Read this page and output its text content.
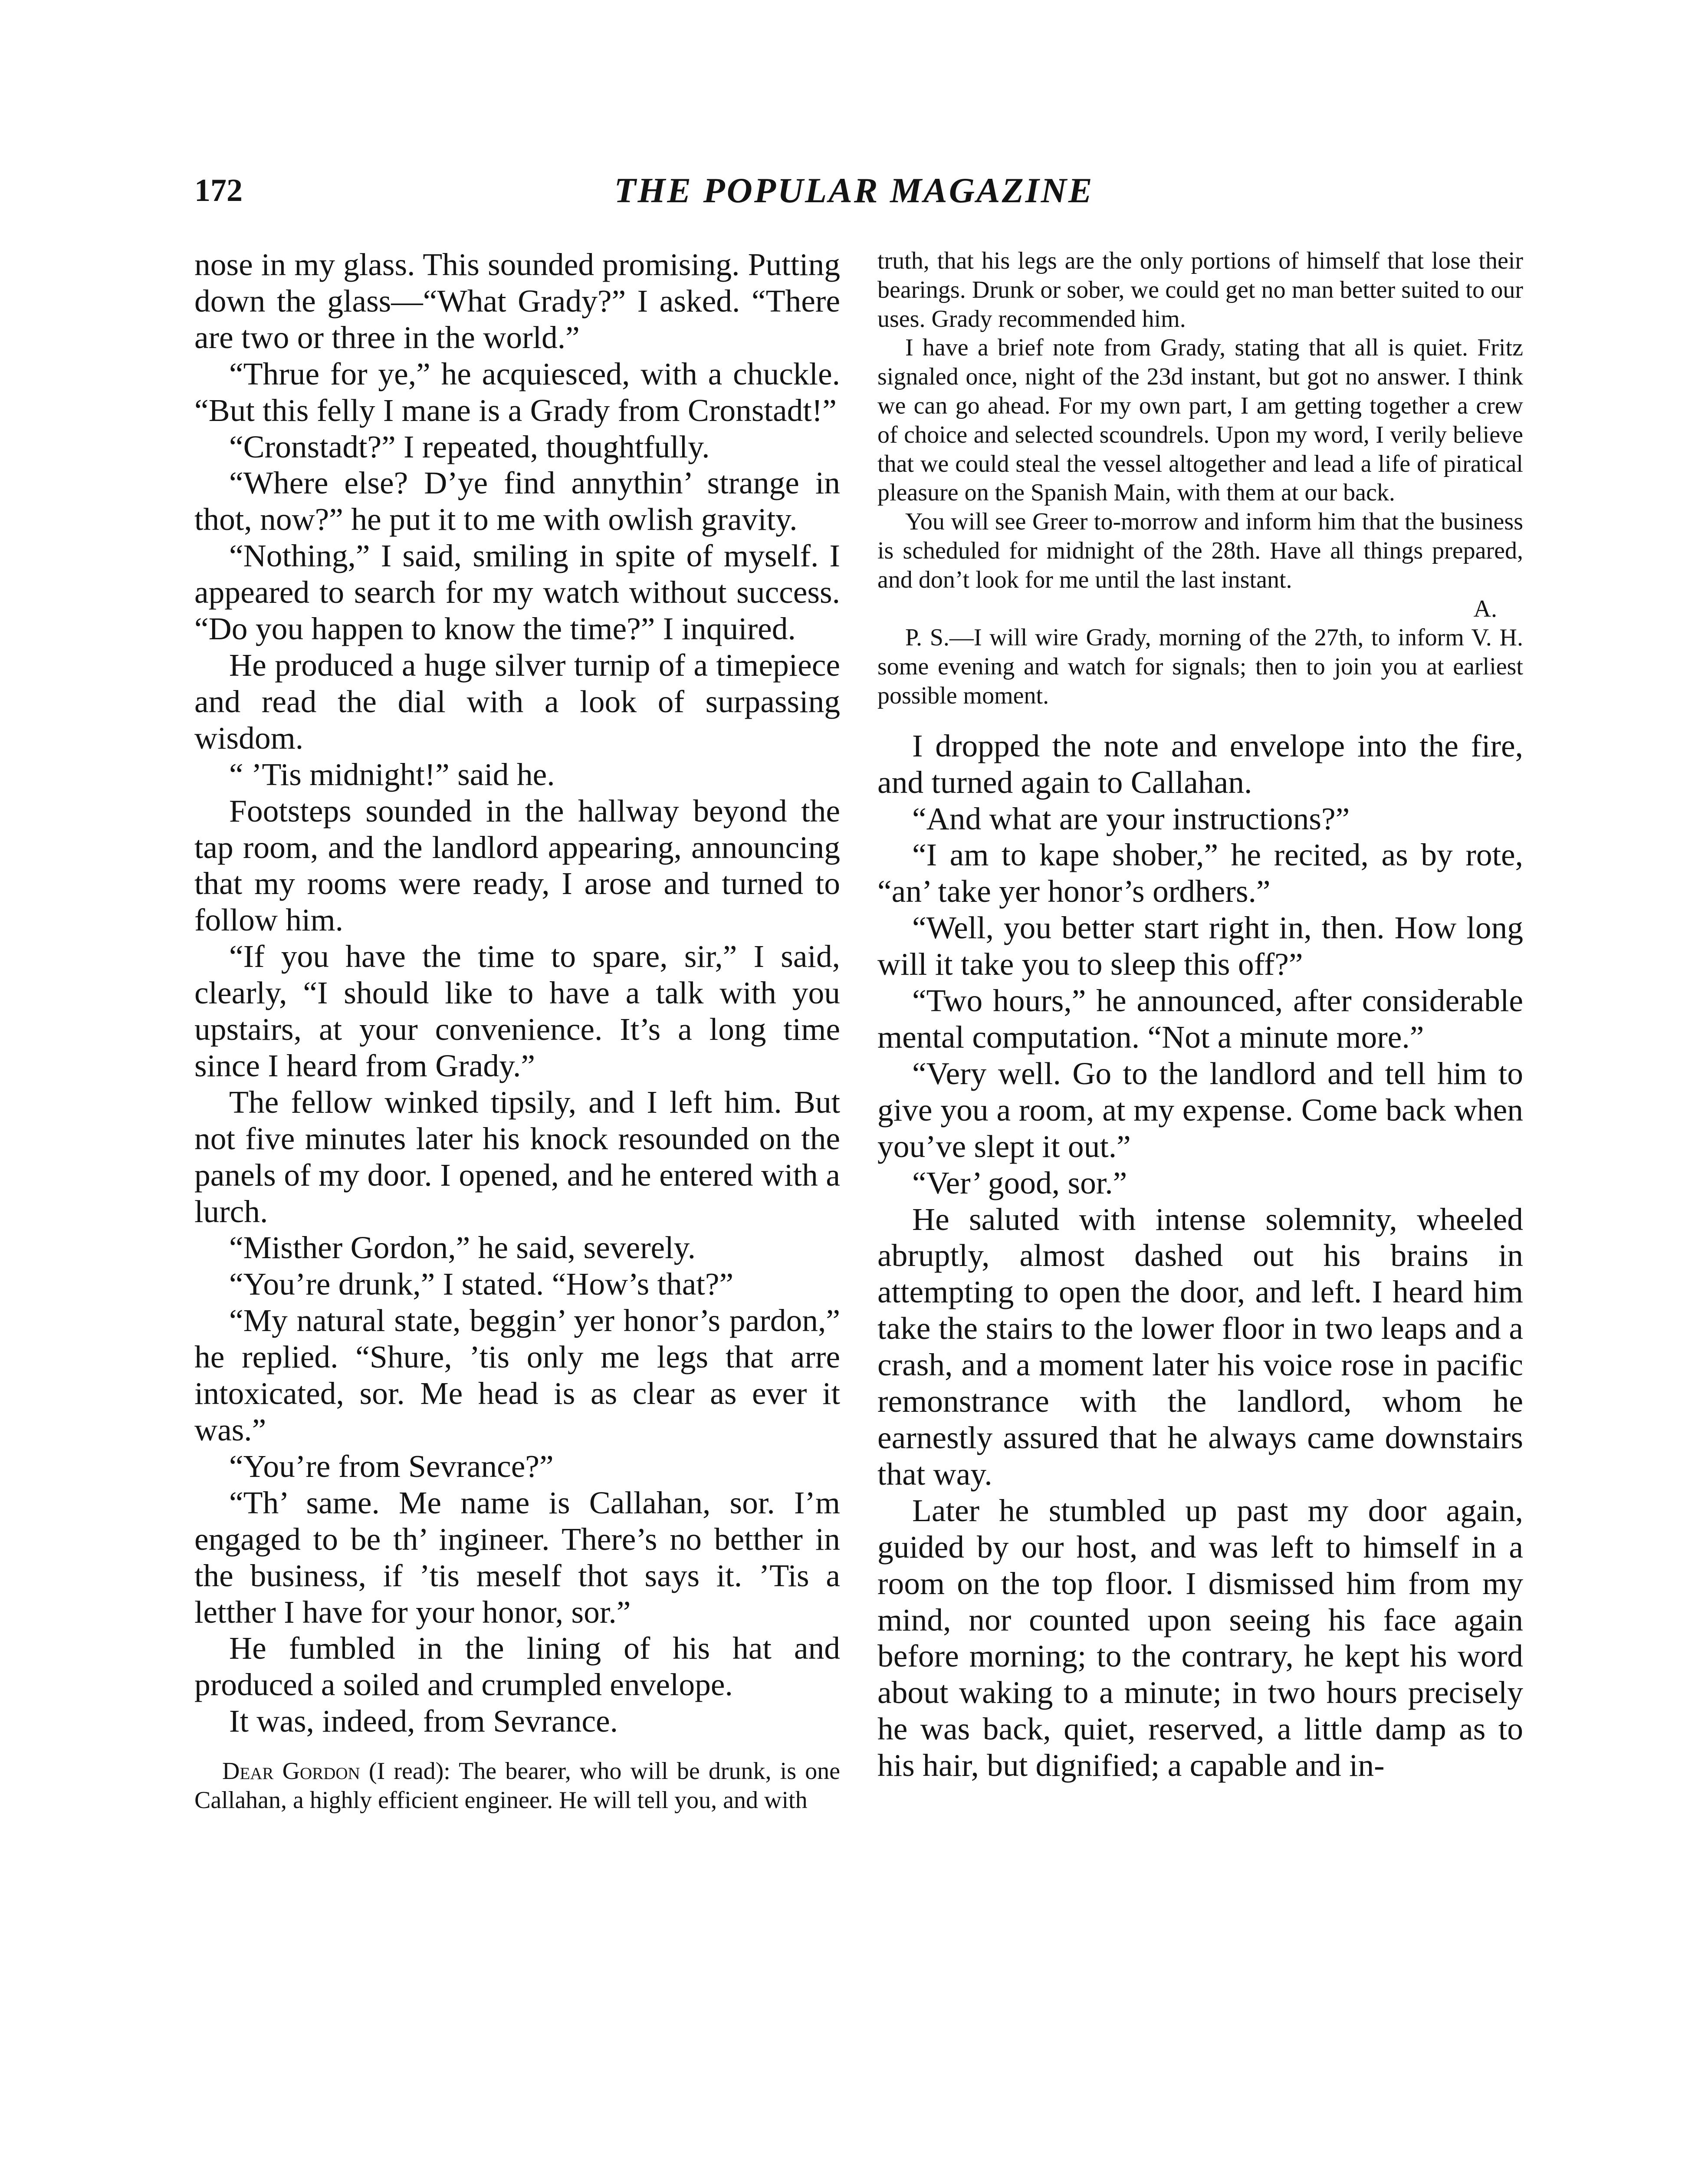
172	THE POPULAR MAGAZINE

nose in my glass. This sounded promising. Putting down the glass—“What Grady?” I asked. “There are two or three in the world.”

“Thrue for ye,” he acquiesced, with a chuckle. “But this felly I mane is a Grady from Cronstadt!”

“Cronstadt?” I repeated, thoughtfully.

“Where else? D’ye find annythin’ strange in thot, now?” he put it to me with owlish gravity.

“Nothing,” I said, smiling in spite of myself. I appeared to search for my watch without success. “Do you happen to know the time?” I inquired.

He produced a huge silver turnip of a timepiece and read the dial with a look of surpassing wisdom.

“ ’Tis midnight!” said he.

Footsteps sounded in the hallway beyond the tap room, and the landlord appearing, announcing that my rooms were ready, I arose and turned to follow him.

“If you have the time to spare, sir,” I said, clearly, “I should like to have a talk with you upstairs, at your convenience. It’s a long time since I heard from Grady.”

The fellow winked tipsily, and I left him. But not five minutes later his knock resounded on the panels of my door. I opened, and he entered with a lurch.

“Misther Gordon,” he said, severely.

“You’re drunk,” I stated. “How’s that?”

“My natural state, beggin’ yer honor’s pardon,” he replied. “Shure, ’tis only me legs that arre intoxicated, sor. Me head is as clear as ever it was.”

“You’re from Sevrance?”

“Th’ same. Me name is Callahan, sor. I’m engaged to be th’ ingineer. There’s no betther in the business, if ’tis meself thot says it. ’Tis a letther I have for your honor, sor.”

He fumbled in the lining of his hat and produced a soiled and crumpled envelope.

It was, indeed, from Sevrance.

Dear Gordon (I read): The bearer, who will be drunk, is one Callahan, a highly efficient engineer. He will tell you, and with

truth, that his legs are the only portions of himself that lose their bearings. Drunk or sober, we could get no man better suited to our uses. Grady recommended him.

I have a brief note from Grady, stating that all is quiet. Fritz signaled once, night of the 23d instant, but got no answer. I think we can go ahead. For my own part, I am getting together a crew of choice and selected scoundrels. Upon my word, I verily believe that we could steal the vessel altogether and lead a life of piratical pleasure on the Spanish Main, with them at our back.

You will see Greer to-morrow and inform him that the business is scheduled for midnight of the 28th. Have all things prepared, and don’t look for me until the last instant.
A.

P. S.—I will wire Grady, morning of the 27th, to inform V. H. some evening and watch for signals; then to join you at earliest possible moment.

I dropped the note and envelope into the fire, and turned again to Callahan.

“And what are your instructions?”

“I am to kape shober,” he recited, as by rote, “an’ take yer honor’s ordhers.”

“Well, you better start right in, then. How long will it take you to sleep this off?”

“Two hours,” he announced, after considerable mental computation. “Not a minute more.”

“Very well. Go to the landlord and tell him to give you a room, at my expense. Come back when you’ve slept it out.”

“Ver’ good, sor.”

He saluted with intense solemnity, wheeled abruptly, almost dashed out his brains in attempting to open the door, and left. I heard him take the stairs to the lower floor in two leaps and a crash, and a moment later his voice rose in pacific remonstrance with the landlord, whom he earnestly assured that he always came downstairs that way.

Later he stumbled up past my door again, guided by our host, and was left to himself in a room on the top floor. I dismissed him from my mind, nor counted upon seeing his face again before morning; to the contrary, he kept his word about waking to a minute; in two hours precisely he was back, quiet, reserved, a little damp as to his hair, but dignified; a capable and in-
